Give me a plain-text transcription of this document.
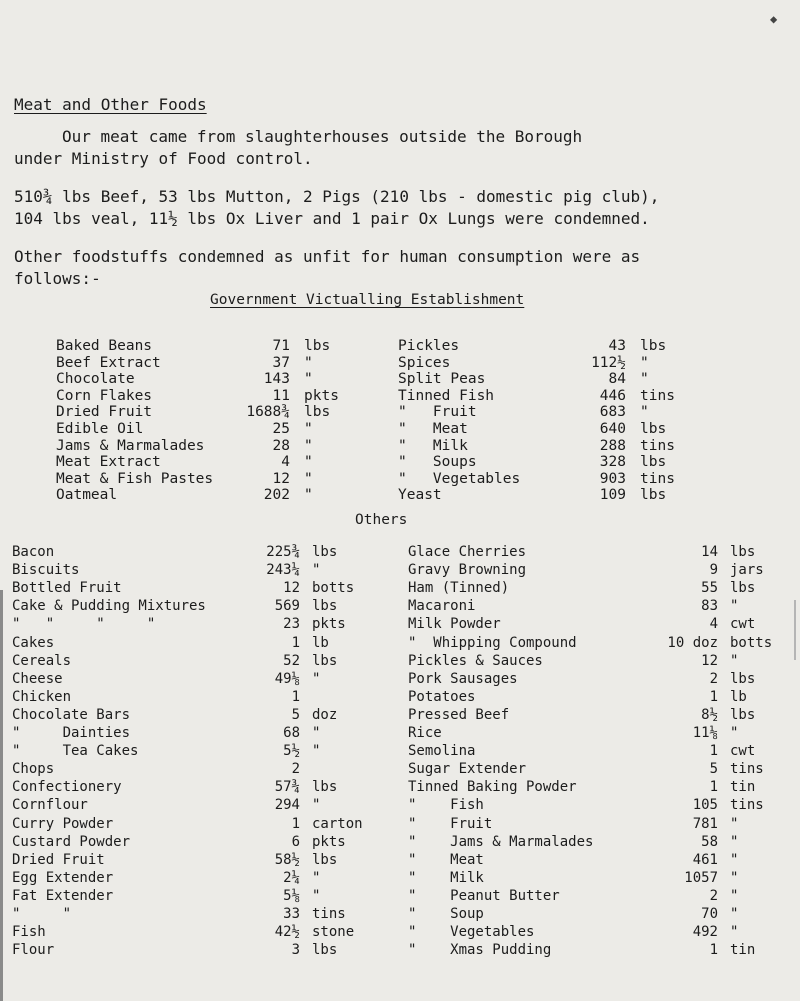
◆
Meat and Other Foods
Our meat came from slaughterhouses outside the Borough
under Ministry of Food control.
510¾ lbs Beef, 53 lbs Mutton, 2 Pigs (210 lbs - domestic pig club),
104 lbs veal, 11½ lbs Ox Liver and 1 pair Ox Lungs were condemned.
Other foodstuffs condemned as unfit for human consumption were as
follows:-
Government Victualling Establishment
Baked Beans	71 lbs
Beef Extract	37 "
Chocolate	143 "
Corn Flakes	11 pkts
Dried Fruit	1688¾ lbs
Edible Oil	25 "
Jams & Marmalades	28 "
Meat Extract	4 "
Meat & Fish Pastes	12 "
Oatmeal	202 "
Pickles	43 lbs
Spices	112½ "
Split Peas	84 "
Tinned Fish	446 tins
"   Fruit	683 "
"   Meat	640 lbs
"   Milk	288 tins
"   Soups	328 lbs
"   Vegetables	903 tins
Yeast	109 lbs
Others
Bacon	225¾ lbs
Biscuits	243¼ "
Bottled Fruit	12 botts
Cake & Pudding Mixtures	569 lbs
"   "     "     "	23 pkts
Cakes	1 lb
Cereals	52 lbs
Cheese	49⅛ "
Chicken	1
Chocolate Bars	5 doz
"     Dainties	68 "
"     Tea Cakes	5½ "
Chops	2
Confectionery	57¾ lbs
Cornflour	294 "
Curry Powder	1 carton
Custard Powder	6 pkts
Dried Fruit	58½ lbs
Egg Extender	2¼ "
Fat Extender	5⅛ "
"     "	33 tins
Fish	42½ stone
Flour	3 lbs
Glace Cherries	14 lbs
Gravy Browning	9 jars
Ham (Tinned)	55 lbs
Macaroni	83 "
Milk Powder	4 cwt
"  Whipping Compound	10 doz botts
Pickles & Sauces	12 "
Pork Sausages	2 lbs
Potatoes	1 lb
Pressed Beef	8½ lbs
Rice	11⅛ "
Semolina	1 cwt
Sugar Extender	5 tins
Tinned Baking Powder	1 tin
"    Fish	105 tins
"    Fruit	781 "
"    Jams & Marmalades	58 "
"    Meat	461 "
"    Milk	1057 "
"    Peanut Butter	2 "
"    Soup	70 "
"    Vegetables	492 "
"    Xmas Pudding	1 tin
